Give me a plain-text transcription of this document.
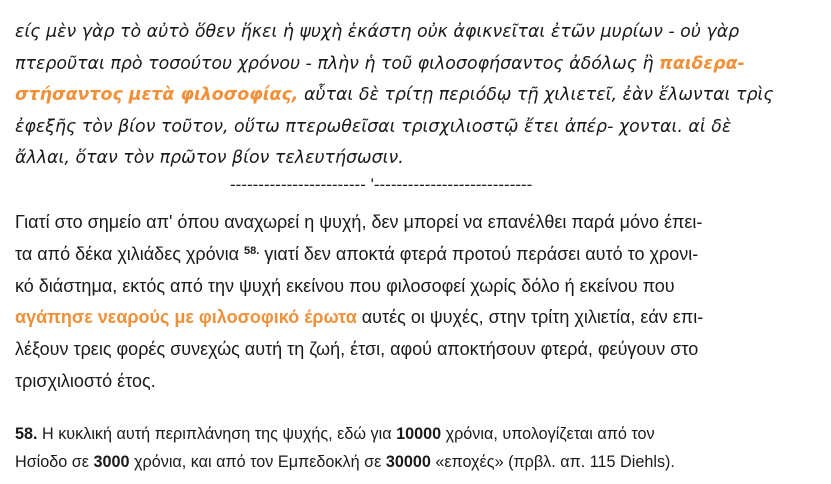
είς μὲν γὰρ τὸ αὐτὸ ὅθεν ἥκει ἡ ψυχὴ ἑκάστη οὐκ ἀφικνεῖται ἐτῶν μυρίων - οὐ γὰρ
πτεροῦται πρὸ τοσούτου χρόνου - πλὴν ἡ τοῦ φιλοσοφήσαντος ἀδόλως ἢ παιδερα-
στήσαντος μετὰ φιλοσοφίας, αὗται δὲ τρίτῃ περιόδῳ τῇ χιλιετεῖ, ἐὰν ἕλωνται τρὶς
ἐφεξῆς τὸν βίον τοῦτον, οὕτω πτερωθεῖσαι τρισχιλιοστῷ ἔτει ἀπέρ- χονται. αἱ δὲ
ἄλλαι, ὅταν τὸν πρῶτον βίον τελευτήσωσιν.
------------------------ '----------------------------
Γιατί στο σημείο απ' όπου αναχωρεί η ψυχή, δεν μπορεί να επανέλθει παρά μόνο έπει-
τα από δέκα χιλιάδες χρόνια $^{58.}$ γιατί δεν αποκτά φτερά προτού περάσει αυτό το χρονι-
κό διάστημα, εκτός από την ψυχή εκείνου που φιλοσοφεί χωρίς δόλο ή εκείνου που
αγάπησε νεαρούς με φιλοσοφικό έρωτα αυτές οι ψυχές, στην τρίτη χιλιετία, εάν επι-
λέξουν τρεις φορές συνεχώς αυτή τη ζωή, έτσι, αφού αποκτήσουν φτερά, φεύγουν στο
τρισχιλιοστό έτος.
58. Η κυκλική αυτή περιπλάνηση της ψυχής, εδώ για 10000 χρόνια, υπολογίζεται από τον
Ησίοδο σε 3000 χρόνια, και από τον Εμπεδοκλή σε 30000 «εποχές» (πρβλ. απ. 115 Diehls).
